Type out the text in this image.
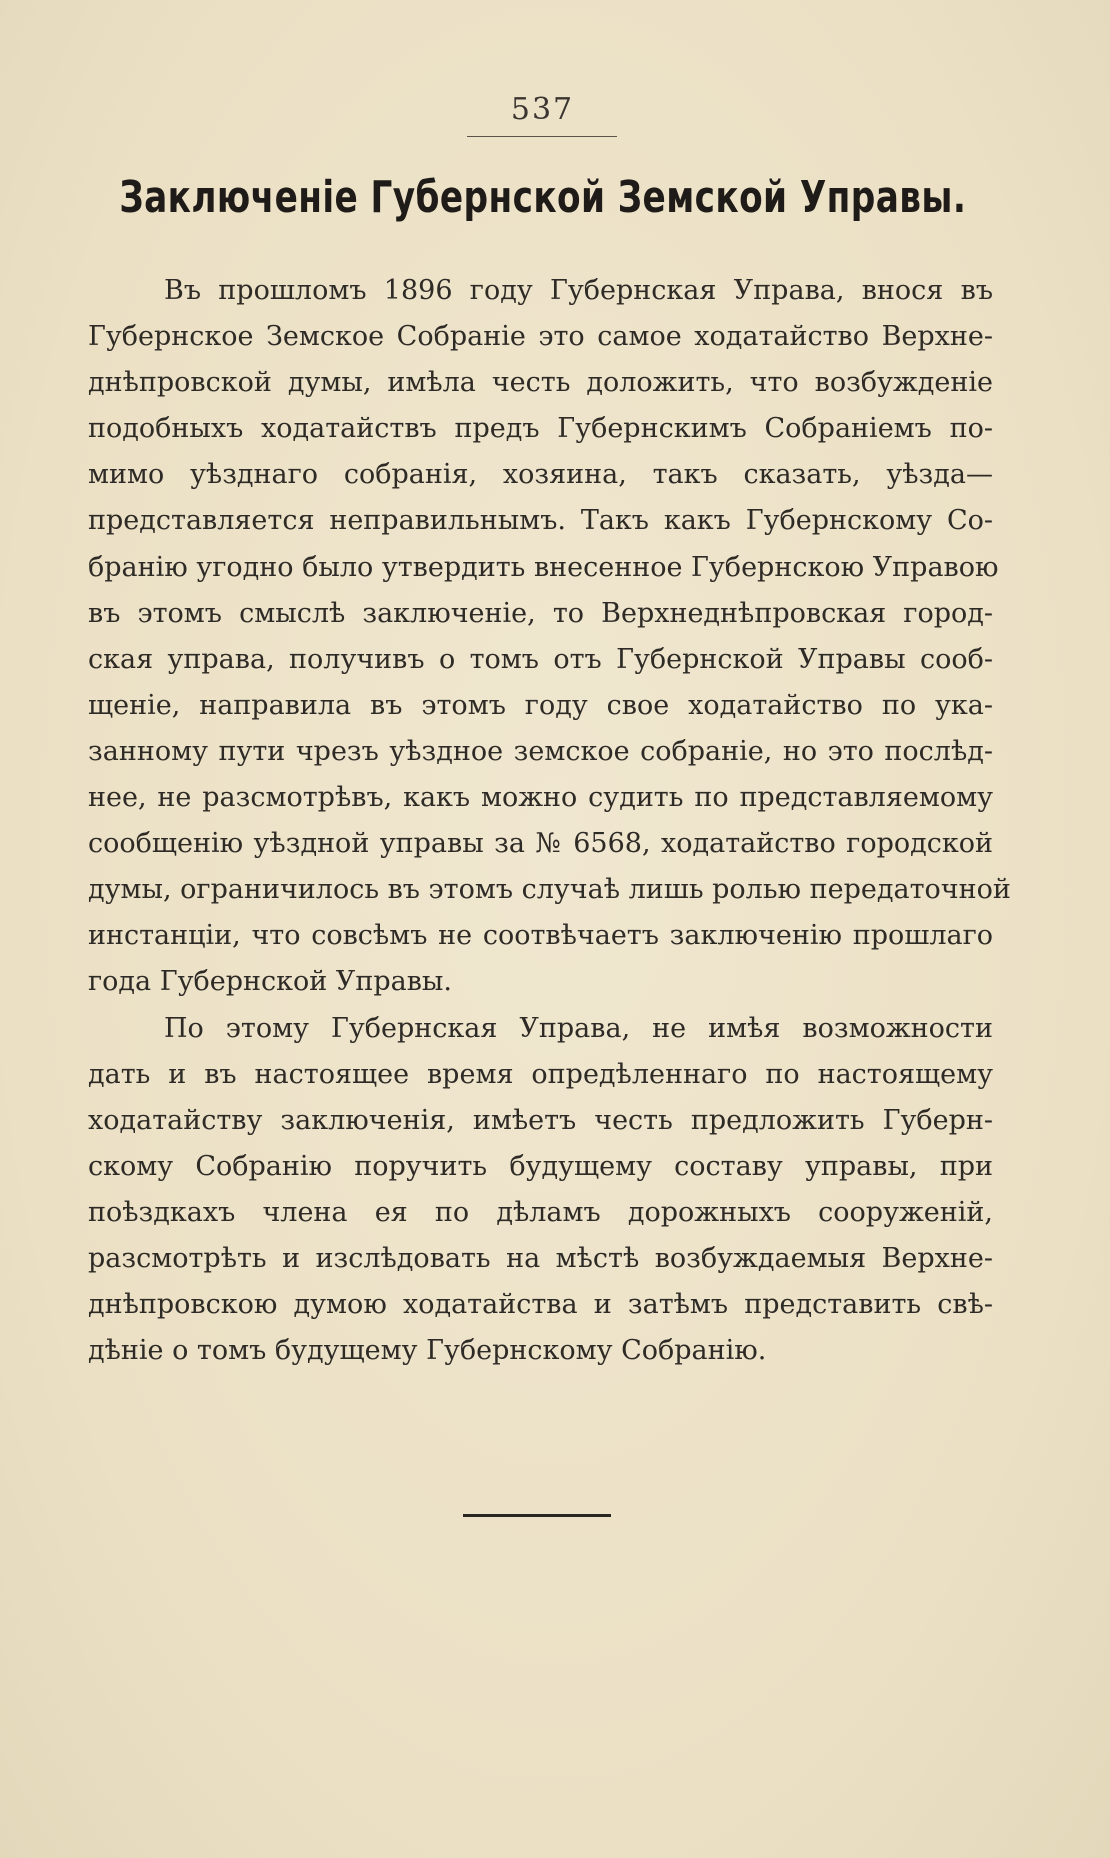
537
Заключеніе Губернской Земской Управы.
Въ прошломъ 1896 году Губернская Управа, внося въ
Губернское Земское Собраніе это самое ходатайство Верхне-
днѣпровской думы, имѣла честь доложить, что возбужденіе
подобныхъ ходатайствъ предъ Губернскимъ Собраніемъ по-
мимо уѣзднаго собранія, хозяина, такъ сказать, уѣзда—
представляется неправильнымъ. Такъ какъ Губернскому Со-
бранію угодно было утвердить внесенное Губернскою Управою
въ этомъ смыслѣ заключеніе, то Верхнеднѣпровская город-
ская управа, получивъ о томъ отъ Губернской Управы сооб-
щеніе, направила въ этомъ году свое ходатайство по ука-
занному пути чрезъ уѣздное земское собраніе, но это послѣд-
нее, не разсмотрѣвъ, какъ можно судить по представляемому
сообщенію уѣздной управы за № 6568, ходатайство городской
думы, ограничилось въ этомъ случаѣ лишь ролью передаточной
инстанціи, что совсѣмъ не соотвѣчаетъ заключенію прошлаго
года Губернской Управы.
По этому Губернская Управа, не имѣя возможности
дать и въ настоящее время опредѣленнаго по настоящему
ходатайству заключенія, имѣетъ честь предложить Губерн-
скому Собранію поручить будущему составу управы, при
поѣздкахъ члена ея по дѣламъ дорожныхъ сооруженій,
разсмотрѣть и изслѣдовать на мѣстѣ возбуждаемыя Верхне-
днѣпровскою думою ходатайства и затѣмъ представить свѣ-
дѣніе о томъ будущему Губернскому Собранію.
